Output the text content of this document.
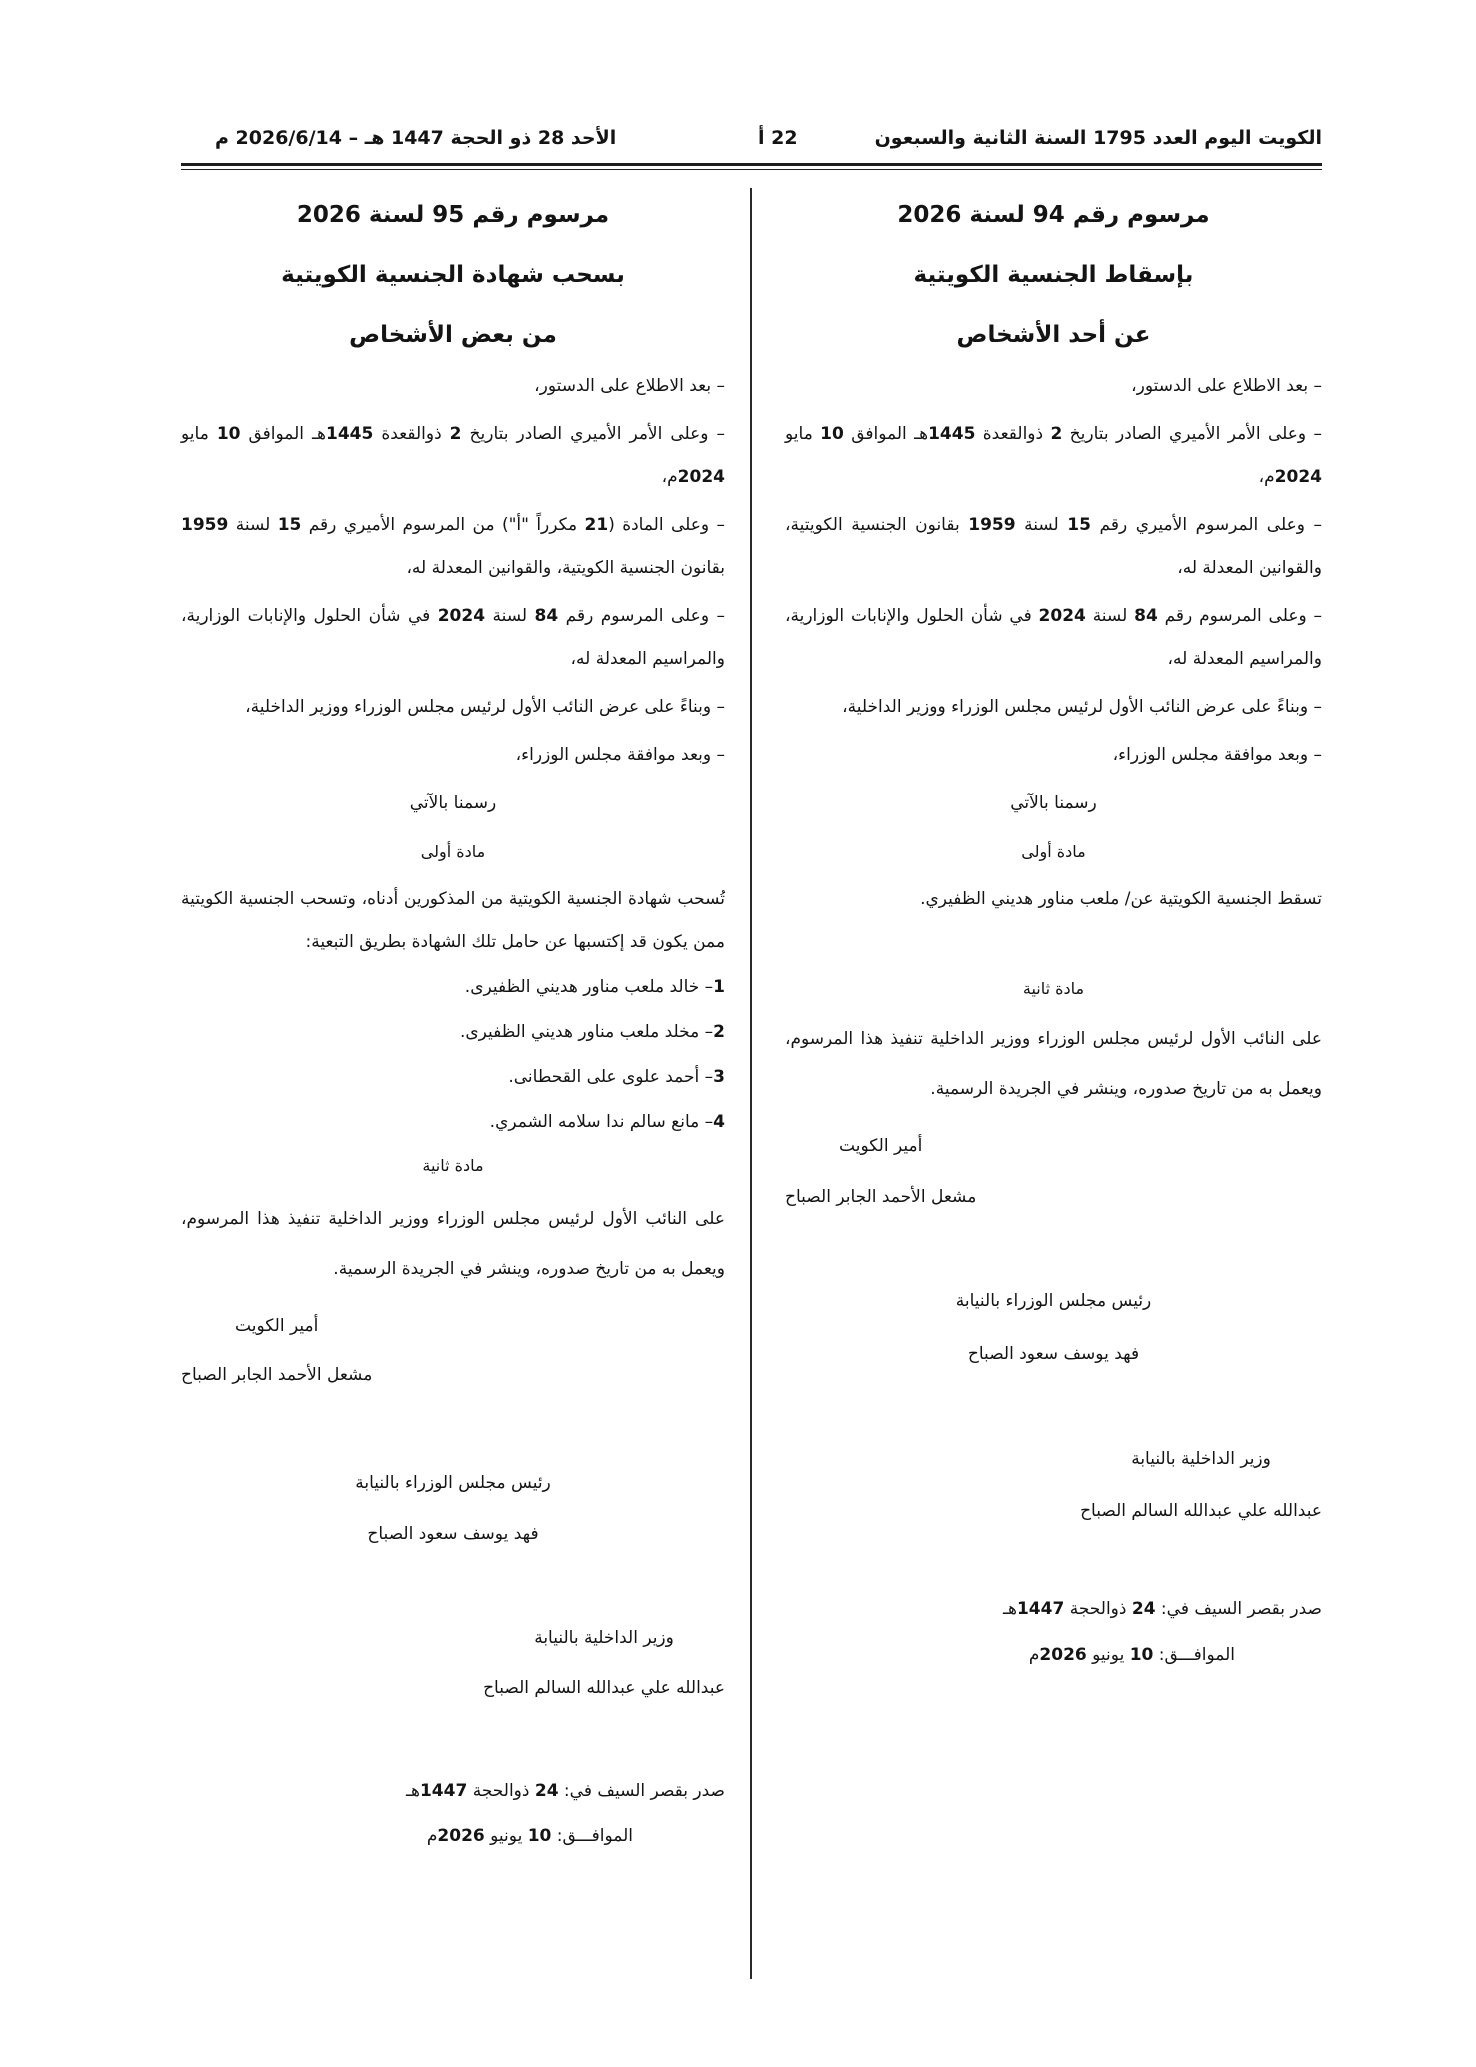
الكويت اليوم العدد 1795 السنة الثانية والسبعون
22 أ
الأحد 28 ذو الحجة 1447 هـ – 2026/6/14 م
مرسوم رقم 94 لسنة 2026
بإسقاط الجنسية الكويتية
عن أحد الأشخاص
– بعد الاطلاع على الدستور،
– وعلى الأمر الأميري الصادر بتاريخ 2 ذوالقعدة 1445هـ الموافق 10 مايو 2024م،
– وعلى المرسوم الأميري رقم 15 لسنة 1959 بقانون الجنسية الكويتية، والقوانين المعدلة له،
– وعلى المرسوم رقم 84 لسنة 2024 في شأن الحلول والإنابات الوزارية، والمراسيم المعدلة له،
– وبناءً على عرض النائب الأول لرئيس مجلس الوزراء ووزير الداخلية،
– وبعد موافقة مجلس الوزراء،
رسمنا بالآتي
مادة أولى
تسقط الجنسية الكويتية عن/ ملعب مناور هديني الظفيري.
مادة ثانية
على النائب الأول لرئيس مجلس الوزراء ووزير الداخلية تنفيذ هذا المرسوم، ويعمل به من تاريخ صدوره، وينشر في الجريدة الرسمية.
أمير الكويت
مشعل الأحمد الجابر الصباح
رئيس مجلس الوزراء بالنيابة
فهد يوسف سعود الصباح
وزير الداخلية بالنيابة
عبدالله علي عبدالله السالم الصباح
صدر بقصر السيف في: 24 ذوالحجة 1447هـ
الموافـــق: 10 يونيو 2026م
مرسوم رقم 95 لسنة 2026
بسحب شهادة الجنسية الكويتية
من بعض الأشخاص
– بعد الاطلاع على الدستور،
– وعلى الأمر الأميري الصادر بتاريخ 2 ذوالقعدة 1445هـ الموافق 10 مايو 2024م،
– وعلى المادة (21 مكرراً "أ") من المرسوم الأميري رقم 15 لسنة 1959 بقانون الجنسية الكويتية، والقوانين المعدلة له،
– وعلى المرسوم رقم 84 لسنة 2024 في شأن الحلول والإنابات الوزارية، والمراسيم المعدلة له،
– وبناءً على عرض النائب الأول لرئيس مجلس الوزراء ووزير الداخلية،
– وبعد موافقة مجلس الوزراء،
رسمنا بالآتي
مادة أولى
تُسحب شهادة الجنسية الكويتية من المذكورين أدناه، وتسحب الجنسية الكويتية ممن يكون قد إكتسبها عن حامل تلك الشهادة بطريق التبعية:
1– خالد ملعب مناور هديني الظفيرى.
2– مخلد ملعب مناور هديني الظفيرى.
3– أحمد علوى على القحطانى.
4– مانع سالم ندا سلامه الشمري.
مادة ثانية
على النائب الأول لرئيس مجلس الوزراء ووزير الداخلية تنفيذ هذا المرسوم، ويعمل به من تاريخ صدوره، وينشر في الجريدة الرسمية.
أمير الكويت
مشعل الأحمد الجابر الصباح
رئيس مجلس الوزراء بالنيابة
فهد يوسف سعود الصباح
وزير الداخلية بالنيابة
عبدالله علي عبدالله السالم الصباح
صدر بقصر السيف في: 24 ذوالحجة 1447هـ
الموافـــق: 10 يونيو 2026م
